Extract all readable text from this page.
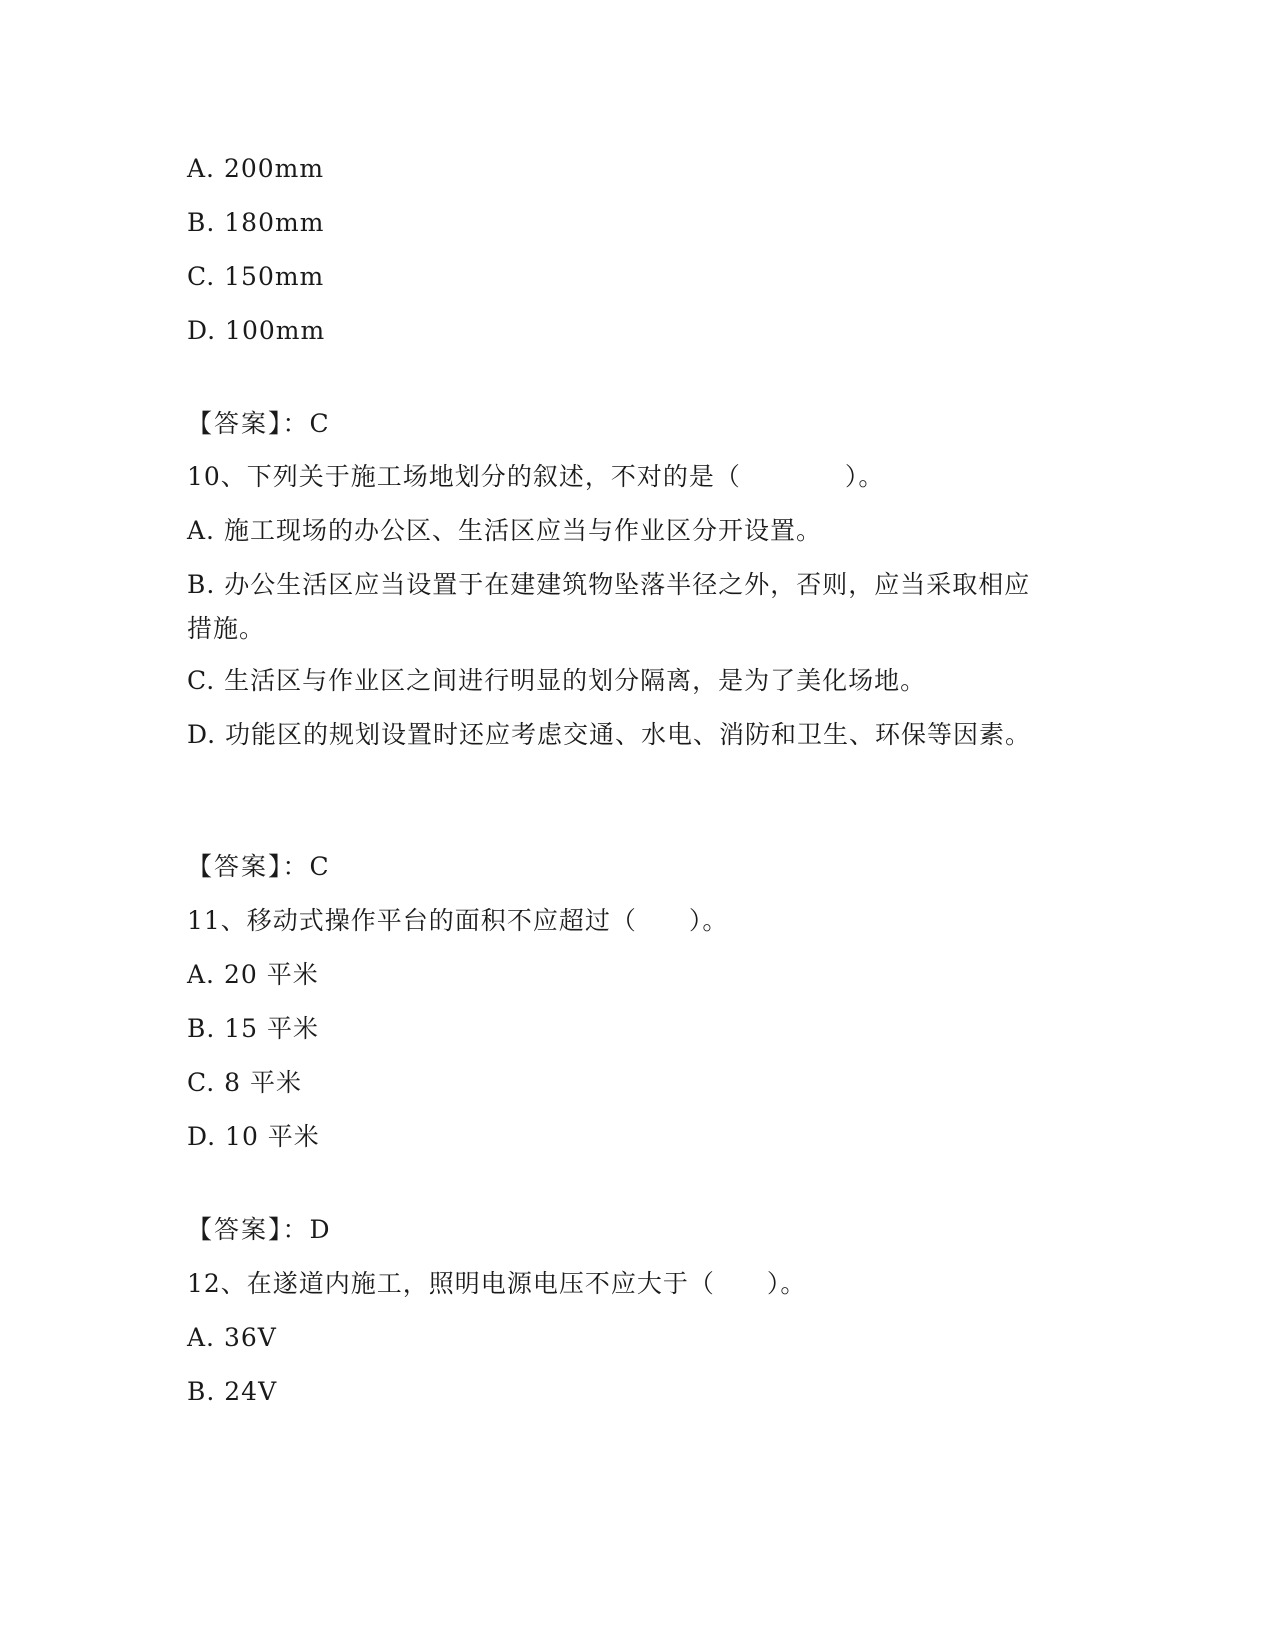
A. 200mm
B. 180mm
C. 150mm
D. 100mm
【答案】：C
10、下列关于施工场地划分的叙述，不对的是（　　　　）。
A. 施工现场的办公区、生活区应当与作业区分开设置。
B. 办公生活区应当设置于在建建筑物坠落半径之外，否则，应当采取相应措施。
C. 生活区与作业区之间进行明显的划分隔离，是为了美化场地。
D. 功能区的规划设置时还应考虑交通、水电、消防和卫生、环保等因素。
【答案】：C
11、移动式操作平台的面积不应超过（　　）。
A. 20 平米
B. 15 平米
C. 8 平米
D. 10 平米
【答案】：D
12、在遂道内施工，照明电源电压不应大于（　　）。
A. 36V
B. 24V
